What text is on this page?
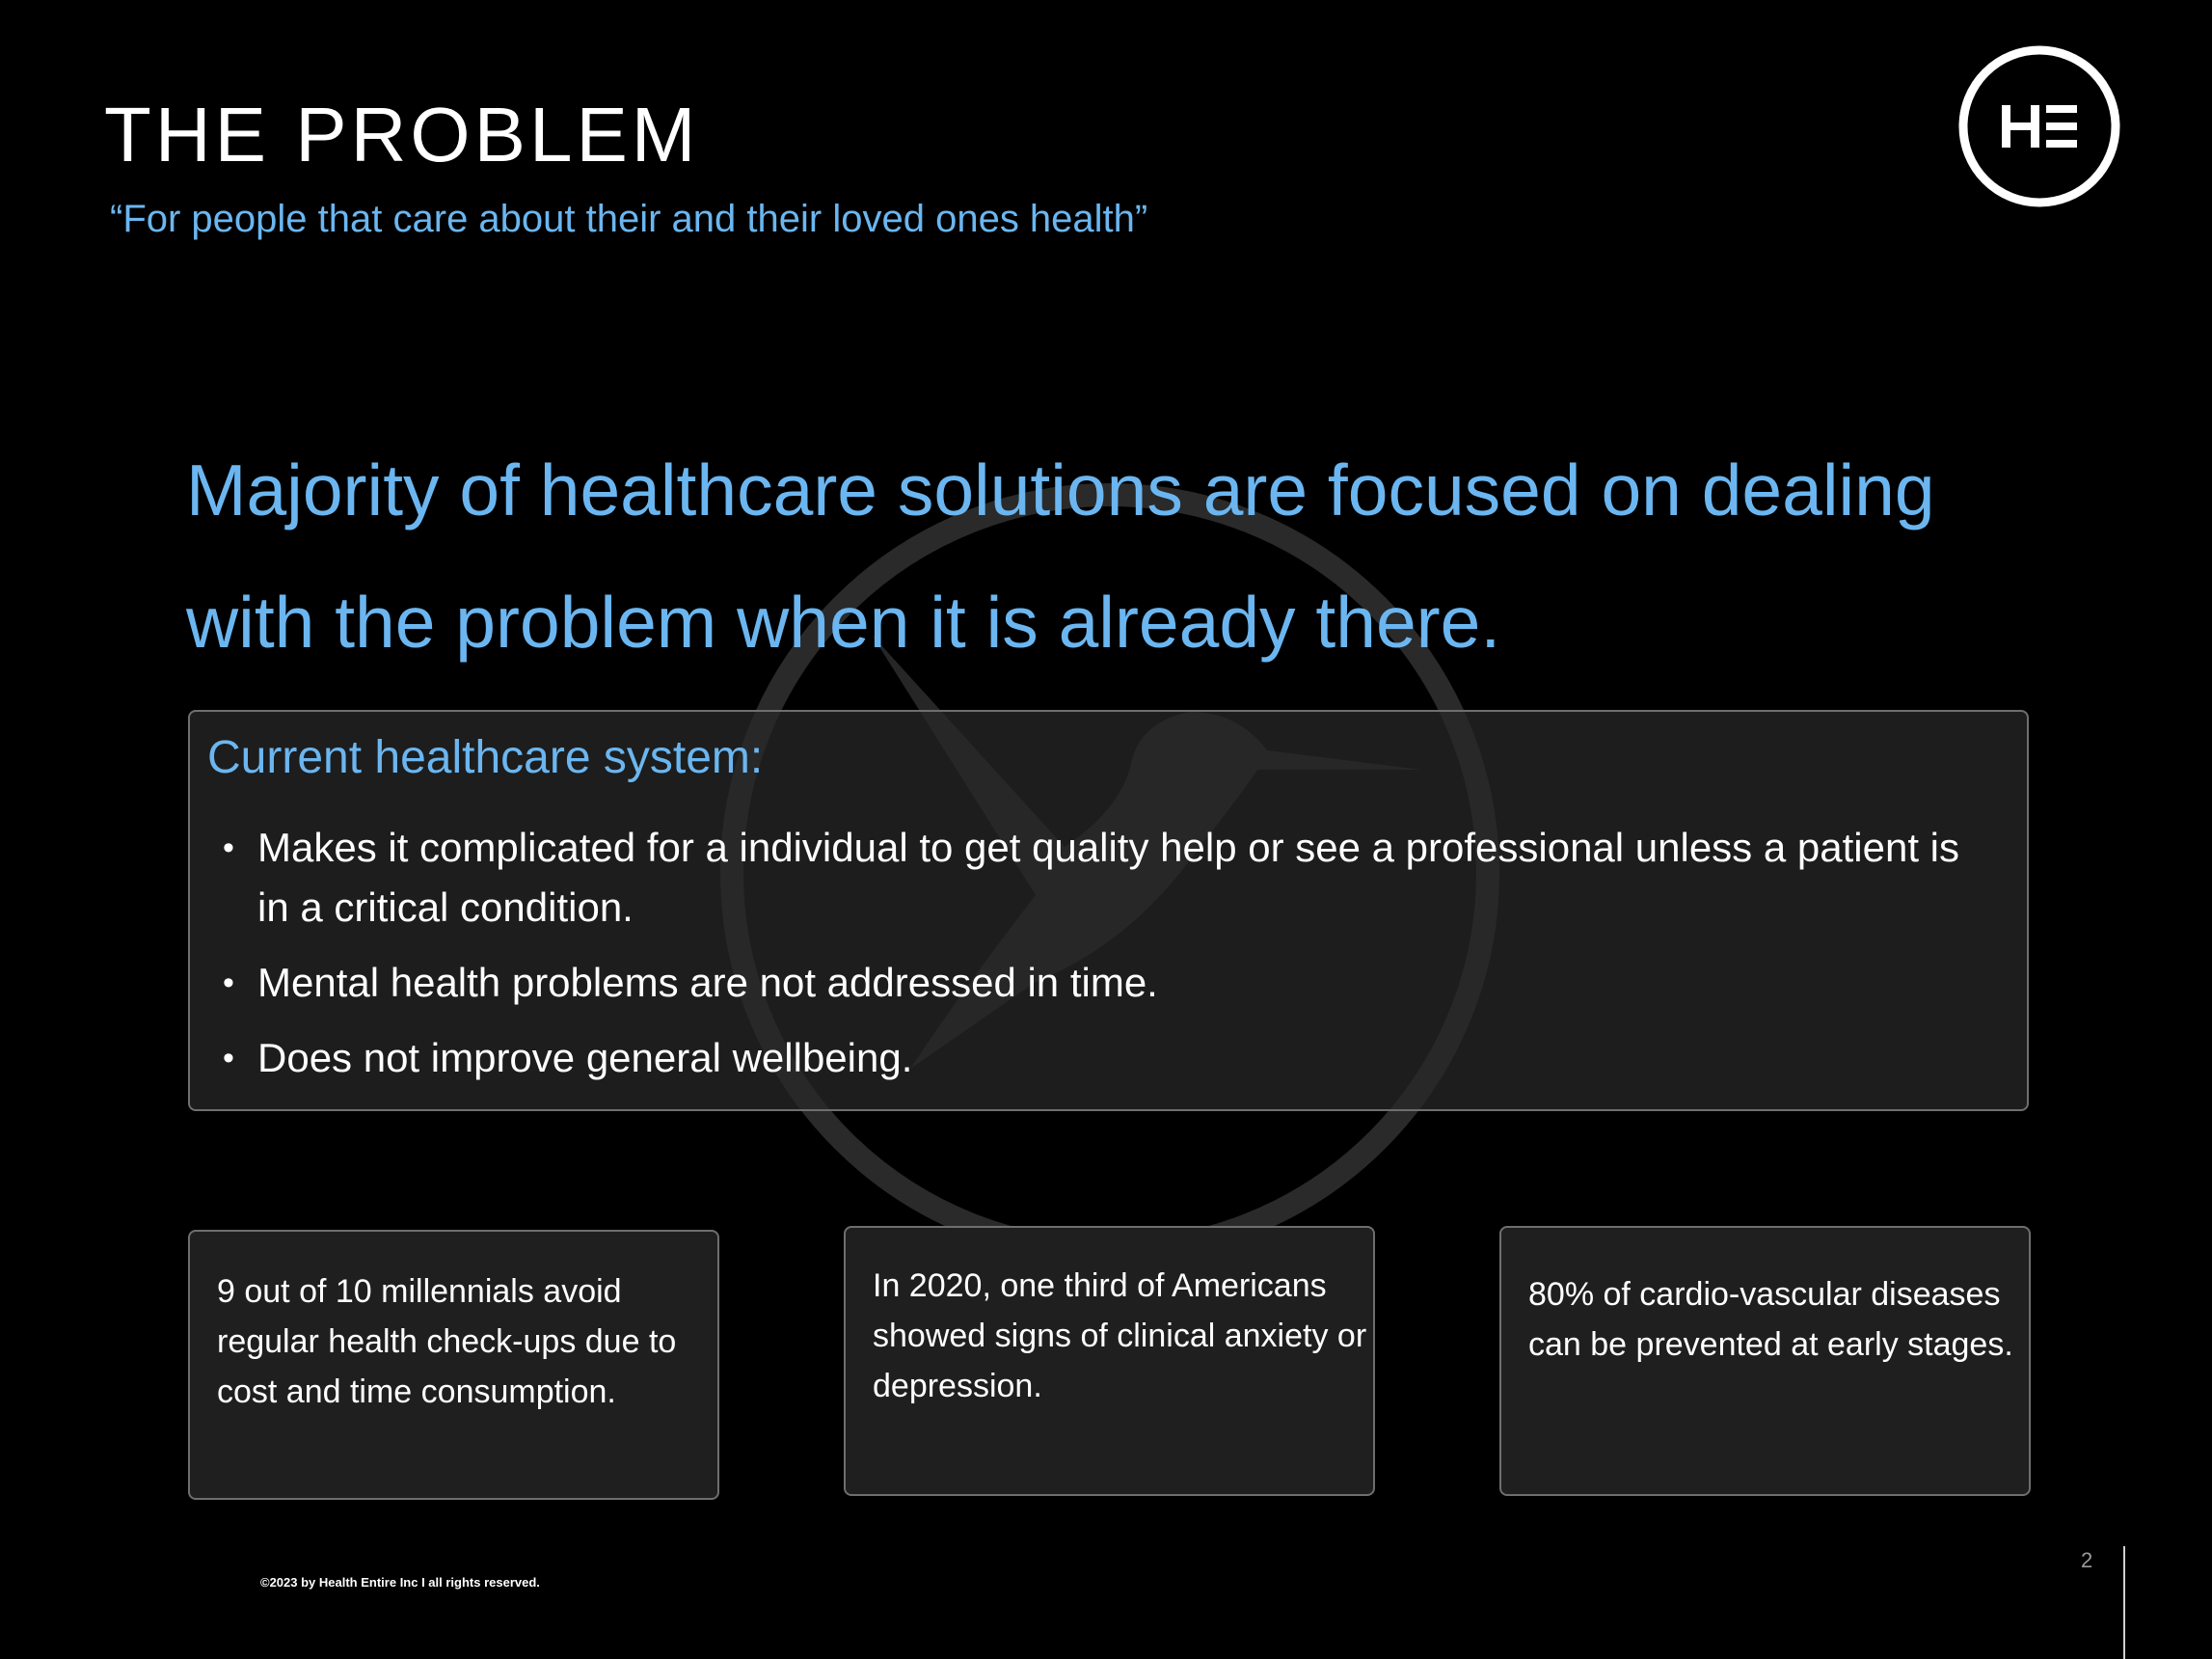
THE PROBLEM
“For people that care about their and their loved ones health”
Majority of healthcare solutions are focused on dealing with the problem when it is already there.
Current healthcare system:
• Makes it complicated for a individual to get quality help or see a professional unless a patient is in a critical condition.
• Mental health problems are not addressed in time.
• Does not improve general wellbeing.
9 out of 10 millennials avoid regular health check-ups due to cost and time consumption.
In 2020, one third of Americans showed signs of clinical anxiety or depression.
80% of cardio-vascular diseases can be prevented at early stages.
©2023 by Health Entire Inc I all rights reserved.
2
